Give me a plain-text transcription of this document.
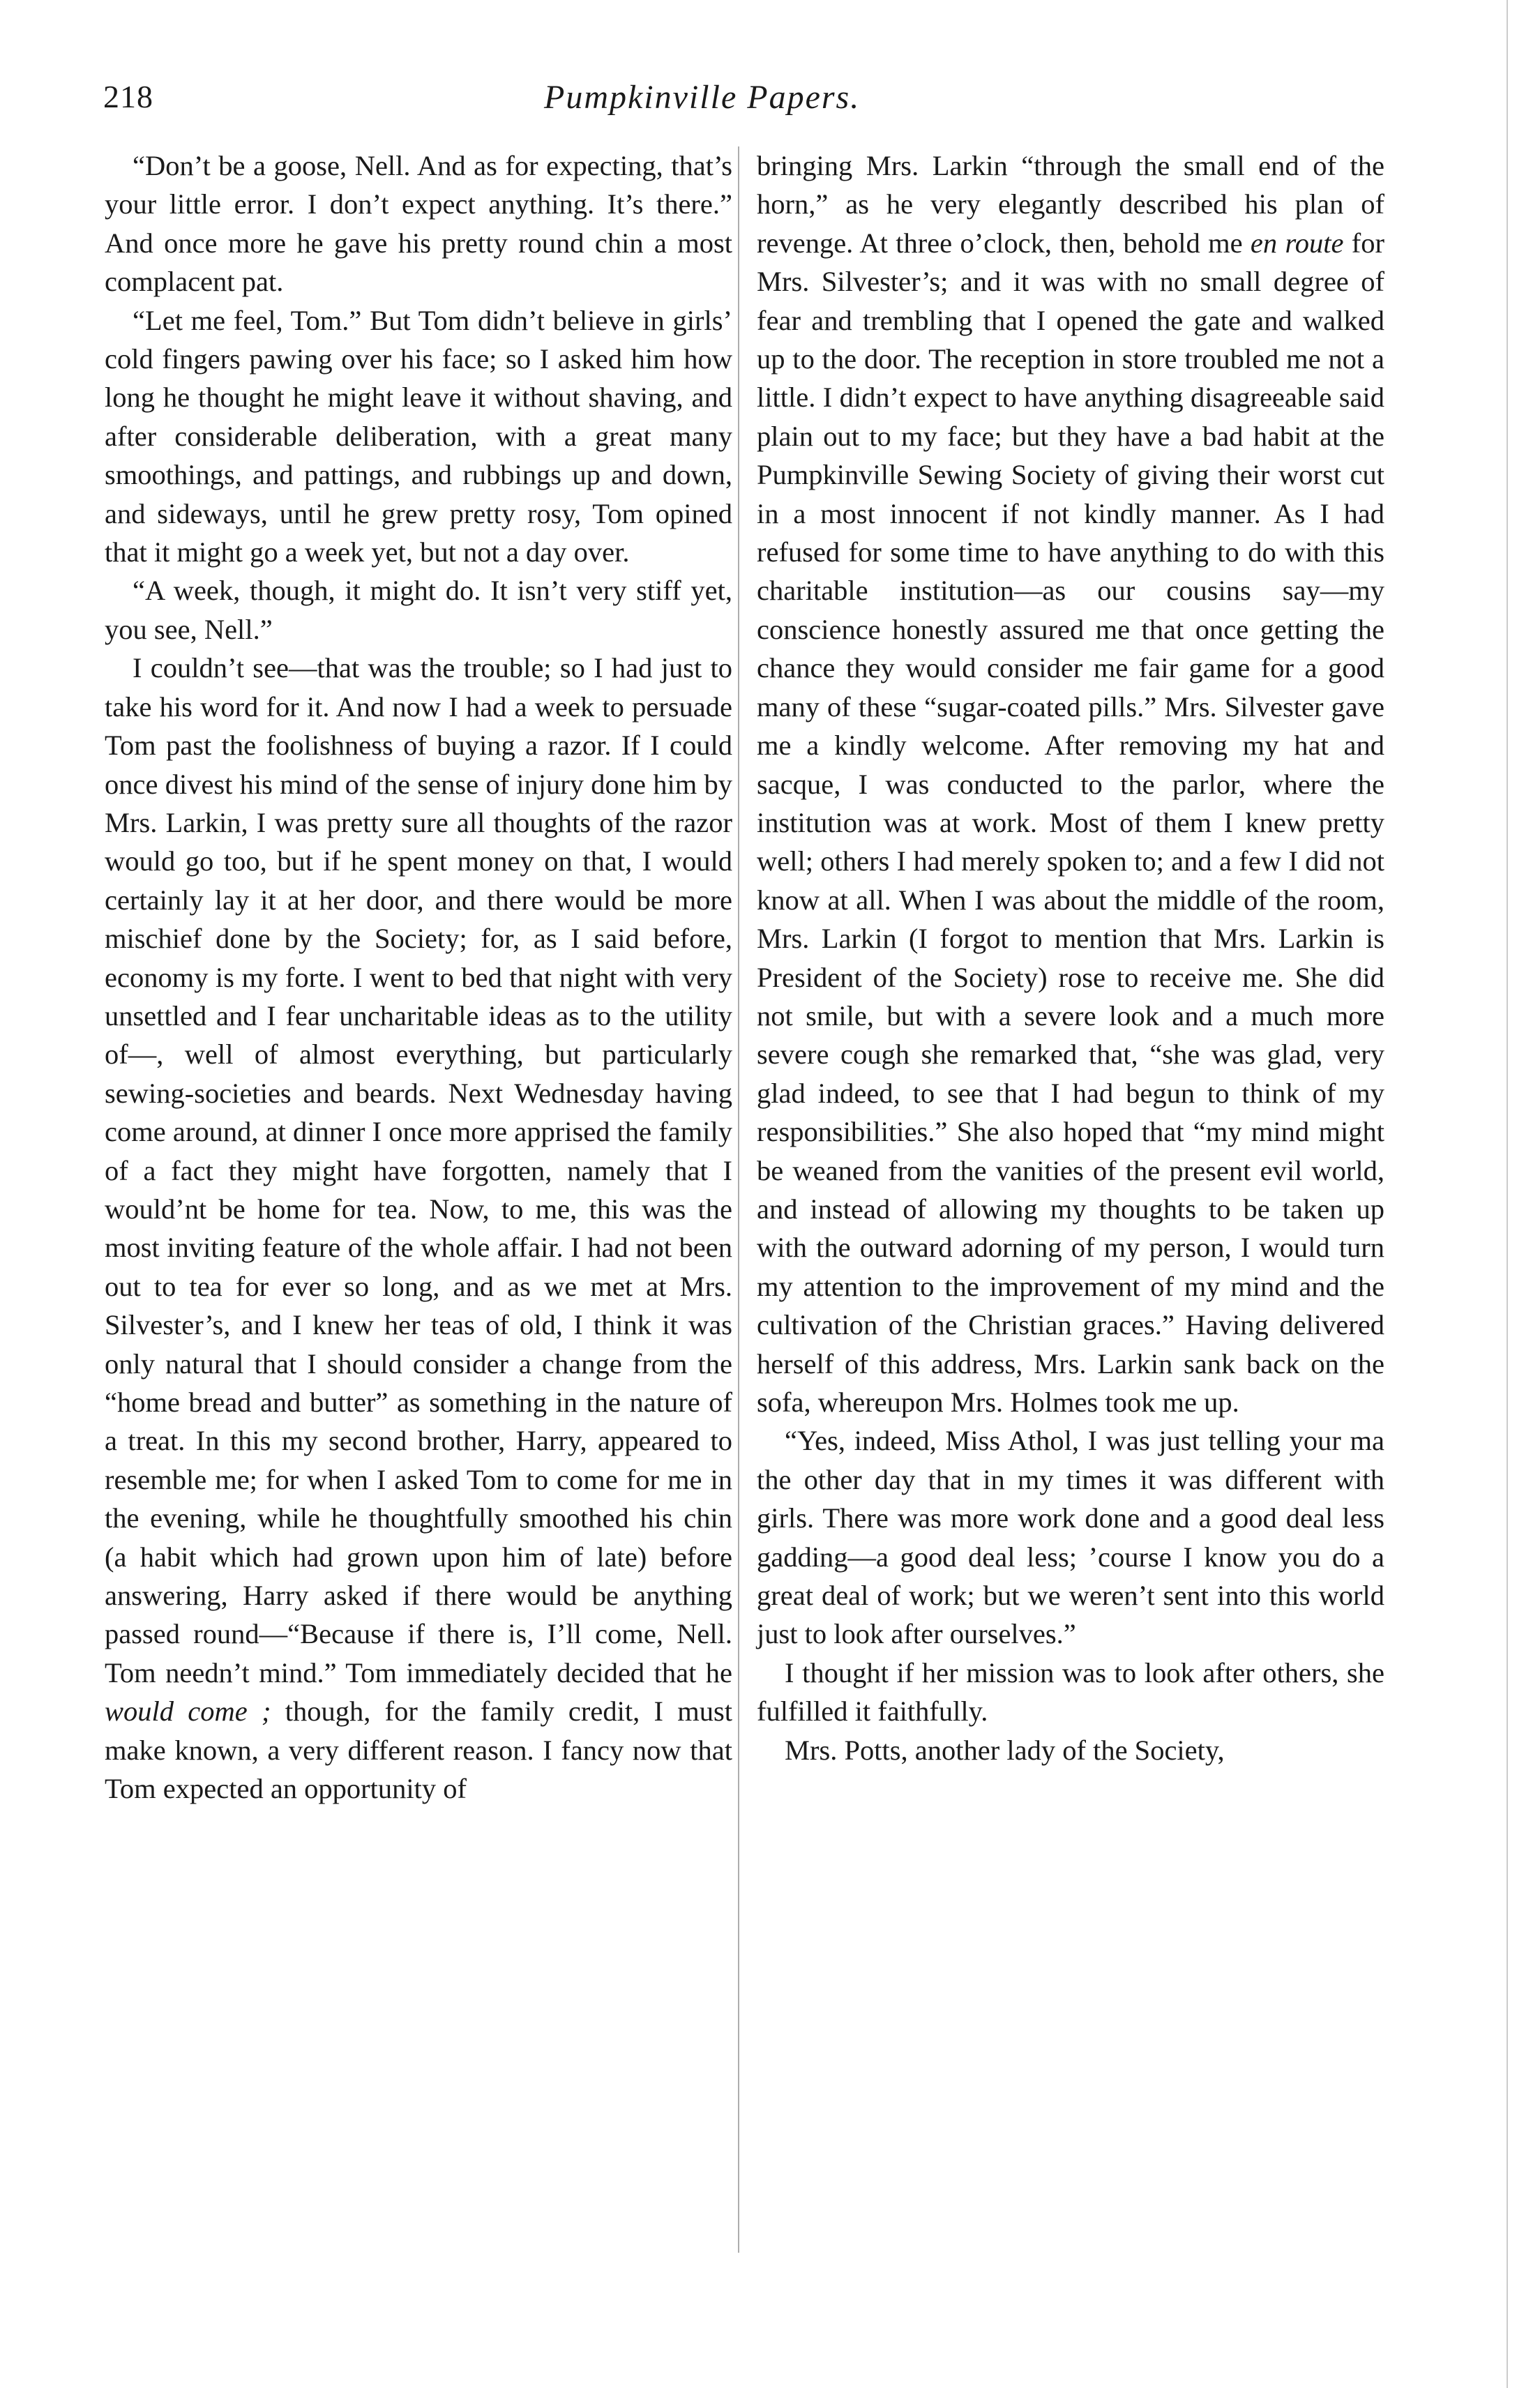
218	Pumpkinville Papers.

“Don’t be a goose, Nell. And as for expecting, that’s your little error. I don’t expect anything. It’s there.” And once more he gave his pretty round chin a most complacent pat.

“Let me feel, Tom.” But Tom didn’t believe in girls’ cold fingers pawing over his face; so I asked him how long he thought he might leave it without shaving, and after considerable deliberation, with a great many smoothings, and pattings, and rubbings up and down, and sideways, until he grew pretty rosy, Tom opined that it might go a week yet, but not a day over.

“A week, though, it might do. It isn’t very stiff yet, you see, Nell.”

I couldn’t see—that was the trouble; so I had just to take his word for it. And now I had a week to persuade Tom past the foolishness of buying a razor. If I could once divest his mind of the sense of injury done him by Mrs. Larkin, I was pretty sure all thoughts of the razor would go too, but if he spent money on that, I would certainly lay it at her door, and there would be more mischief done by the Society; for, as I said before, economy is my forte. I went to bed that night with very unsettled and I fear uncharitable ideas as to the utility of—, well of almost everything, but particularly sewing-societies and beards. Next Wednesday having come around, at dinner I once more apprised the family of a fact they might have forgotten, namely that I would’nt be home for tea. Now, to me, this was the most inviting feature of the whole affair. I had not been out to tea for ever so long, and as we met at Mrs. Silvester’s, and I knew her teas of old, I think it was only natural that I should consider a change from the “home bread and butter” as something in the nature of a treat. In this my second brother, Harry, appeared to resemble me; for when I asked Tom to come for me in the evening, while he thoughtfully smoothed his chin (a habit which had grown upon him of late) before answering, Harry asked if there would be anything passed round—“Because if there is, I’ll come, Nell. Tom needn’t mind.” Tom immediately decided that he would come ; though, for the family credit, I must make known, a very different reason. I fancy now that Tom expected an opportunity of

bringing Mrs. Larkin “through the small end of the horn,” as he very elegantly described his plan of revenge. At three o’clock, then, behold me en route for Mrs. Silvester’s; and it was with no small degree of fear and trembling that I opened the gate and walked up to the door. The reception in store troubled me not a little. I didn’t expect to have anything disagreeable said plain out to my face; but they have a bad habit at the Pumpkinville Sewing Society of giving their worst cut in a most innocent if not kindly manner. As I had refused for some time to have anything to do with this charitable institution—as our cousins say—my conscience honestly assured me that once getting the chance they would consider me fair game for a good many of these “sugar-coated pills.” Mrs. Silvester gave me a kindly welcome. After removing my hat and sacque, I was conducted to the parlor, where the institution was at work. Most of them I knew pretty well; others I had merely spoken to; and a few I did not know at all. When I was about the middle of the room, Mrs. Larkin (I forgot to mention that Mrs. Larkin is President of the Society) rose to receive me. She did not smile, but with a severe look and a much more severe cough she remarked that, “she was glad, very glad indeed, to see that I had begun to think of my responsibilities.” She also hoped that “my mind might be weaned from the vanities of the present evil world, and instead of allowing my thoughts to be taken up with the outward adorning of my person, I would turn my attention to the improvement of my mind and the cultivation of the Christian graces.” Having delivered herself of this address, Mrs. Larkin sank back on the sofa, whereupon Mrs. Holmes took me up.

“Yes, indeed, Miss Athol, I was just telling your ma the other day that in my times it was different with girls. There was more work done and a good deal less gadding—a good deal less; ’course I know you do a great deal of work; but we weren’t sent into this world just to look after ourselves.”

I thought if her mission was to look after others, she fulfilled it faithfully.

Mrs. Potts, another lady of the Society,
